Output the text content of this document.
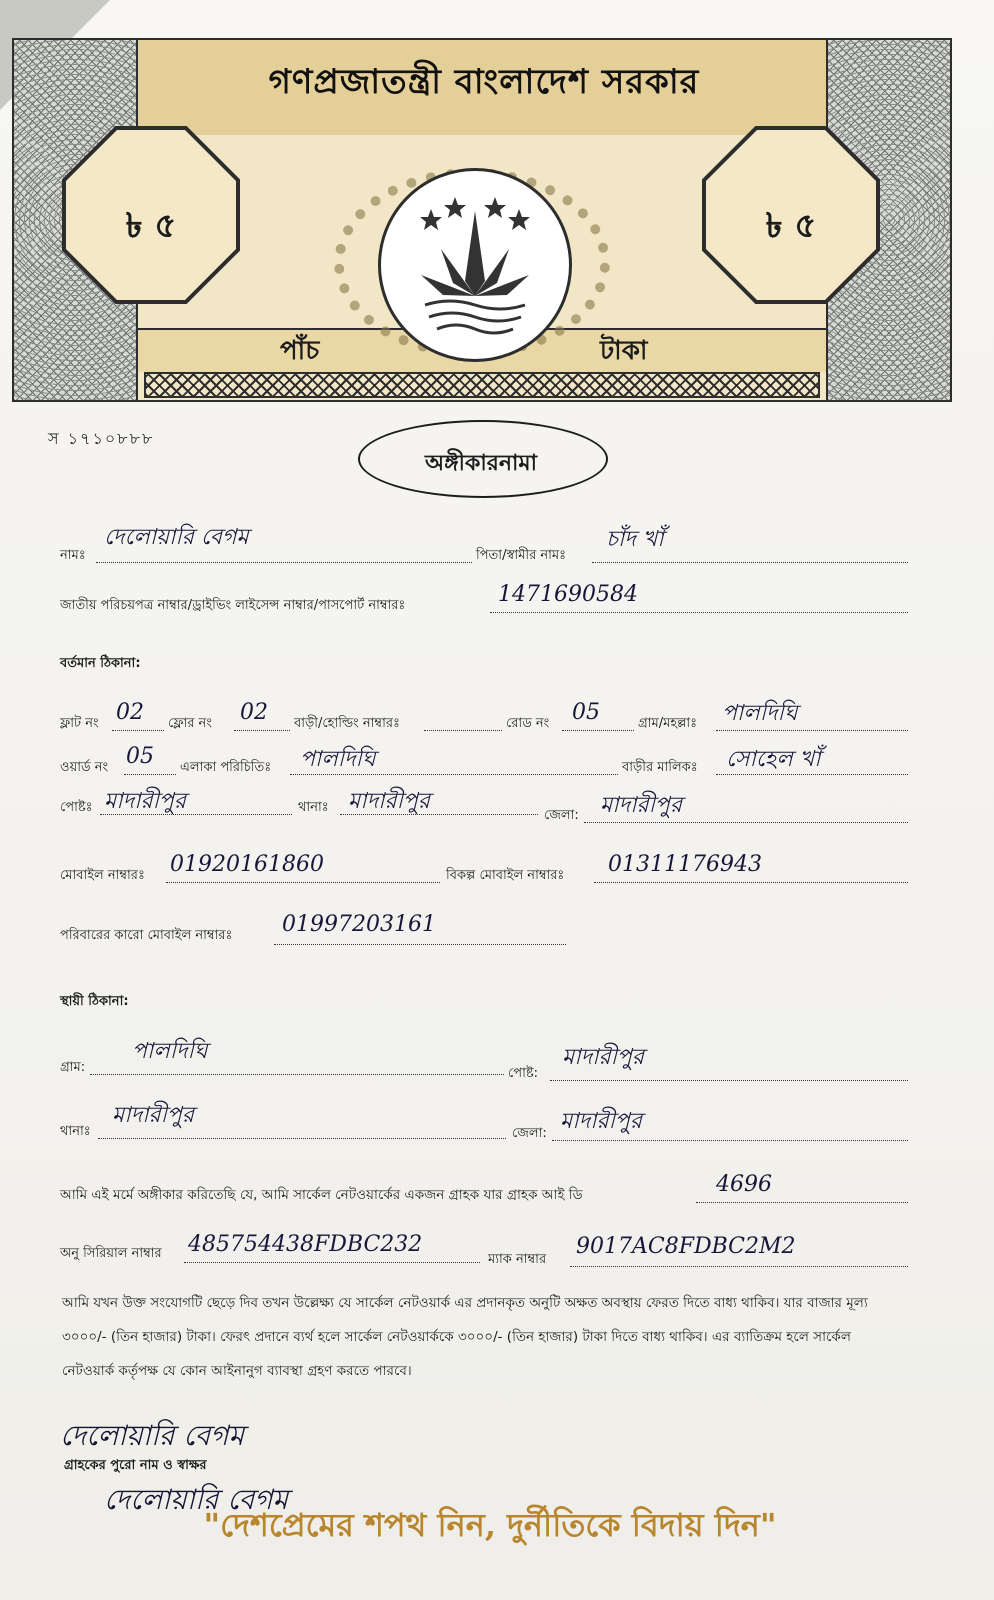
গণপ্রজাতন্ত্রী বাংলাদেশ সরকার
৳ ৫	৳ ৫
পাঁচ	টাকা
স ১৭১০৮৮৮
অঙ্গীকারনামা
নামঃ
দেলোয়ারি বেগম
পিতা/স্বামীর নামঃ
চাঁদ খাঁ
জাতীয় পরিচয়পত্র নাম্বার/ড্রাইভিং লাইসেন্স নাম্বার/পাসপোর্ট নাম্বারঃ	1471690584
বর্তমান ঠিকানা:
ফ্লাট নং 02 ফ্লোর নং 02 বাড়ী/হোল্ডিং নাম্বারঃ	রোড নং 05	গ্রাম/মহল্লাঃ পালদিঘি
ওয়ার্ড নং 05 এলাকা পরিচিতিঃ পালদিঘি	বাড়ীর মালিকঃ সোহেল খাঁ
পোষ্টঃ মাদারীপুর	থানাঃ মাদারীপুর
জেলা: মাদারীপুর
মোবাইল নাম্বারঃ 01920161860	বিকল্প মোবাইল নাম্বারঃ 01311176943
পরিবারের কারো মোবাইল নাম্বারঃ 01997203161
স্থায়ী ঠিকানা:
গ্রাম:
পালদিঘি
পোষ্ট:
মাদারীপুর
থানাঃ
মাদারীপুর
জেলা: মাদারীপুর
আমি এই মর্মে অঙ্গীকার করিতেছি যে, আমি সার্কেল নেটওয়ার্কের একজন গ্রাহক যার গ্রাহক আই ডি	4696
অনু সিরিয়াল নাম্বার 485754438FDBC232
ম্যাক নাম্বার
9017AC8FDBC2M2
আমি যখন উক্ত সংযোগটি ছেড়ে দিব তখন উল্লেক্ষ্য যে সার্কেল নেটওয়ার্ক এর প্রদানকৃত অনুটি অক্ষত অবস্থায় ফেরত দিতে বাধ্য থাকিব। যার বাজার মূল্য ৩০০০/- (তিন হাজার) টাকা। ফেরৎ প্রদানে ব্যর্থ হলে সার্কেল নেটওয়ার্ককে ৩০০০/- (তিন হাজার) টাকা দিতে বাধ্য থাকিব। এর ব্যাতিক্রম হলে সার্কেল নেটওয়ার্ক কর্তৃপক্ষ যে কোন আইনানুগ ব্যাবস্থা গ্রহণ করতে পারবে।
দেলোয়ারি বেগম
গ্রাহকের পুরো নাম ও স্বাক্ষর
দেলোয়ারি বেগম
"দেশপ্রেমের শপথ নিন, দুর্নীতিকে বিদায় দিন"
